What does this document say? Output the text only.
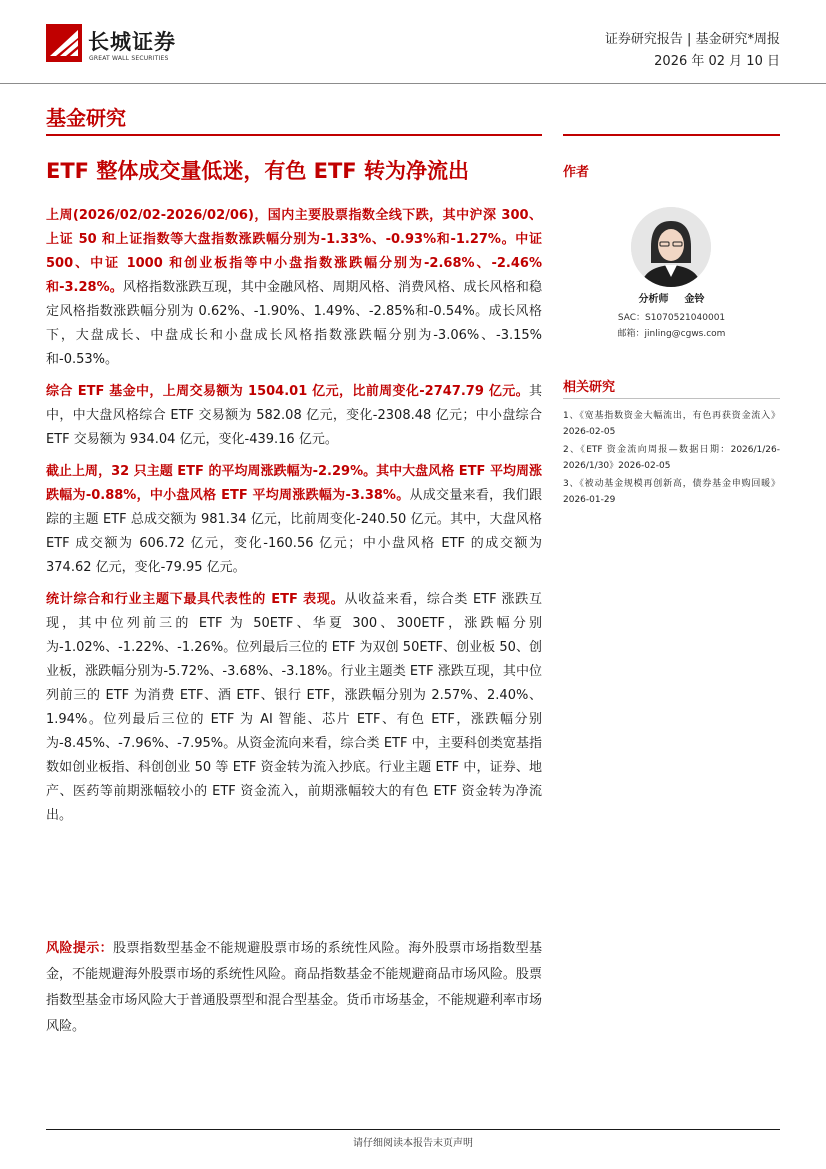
长城证券
GREAT WALL SECURITIES
证券研究报告 | 基金研究*周报
2026 年 02 月 10 日
基金研究
ETF 整体成交量低迷，有色 ETF 转为净流出

上周(2026/02/02-2026/02/06)，国内主要股票指数全线下跌，其中沪深 300、上证 50 和上证指数等大盘指数涨跌幅分别为-1.33%、-0.93%和-1.27%。中证 500、中证 1000 和创业板指等中小盘指数涨跌幅分别为-2.68%、-2.46%和-3.28%。风格指数涨跌互现，其中金融风格、周期风格、消费风格、成长风格和稳定风格指数涨跌幅分别为 0.62%、-1.90%、1.49%、-2.85%和-0.54%。成长风格下，大盘成长、中盘成长和小盘成长风格指数涨跌幅分别为-3.06%、-3.15%和-0.53%。

综合 ETF 基金中，上周交易额为 1504.01 亿元，比前周变化-2747.79 亿元。其中，中大盘风格综合 ETF 交易额为 582.08 亿元，变化-2308.48 亿元；中小盘综合 ETF 交易额为 934.04 亿元，变化-439.16 亿元。

截止上周，32 只主题 ETF 的平均周涨跌幅为-2.29%。其中大盘风格 ETF 平均周涨跌幅为-0.88%，中小盘风格 ETF 平均周涨跌幅为-3.38%。从成交量来看，我们跟踪的主题 ETF 总成交额为 981.34 亿元，比前周变化-240.50 亿元。其中，大盘风格 ETF 成交额为 606.72 亿元，变化-160.56 亿元；中小盘风格 ETF 的成交额为 374.62 亿元，变化-79.95 亿元。

统计综合和行业主题下最具代表性的 ETF 表现。从收益来看，综合类 ETF 涨跌互现，其中位列前三的 ETF 为 50ETF、华夏 300、300ETF，涨跌幅分别为-1.02%、-1.22%、-1.26%。位列最后三位的 ETF 为双创 50ETF、创业板 50、创业板，涨跌幅分别为-5.72%、-3.68%、-3.18%。行业主题类 ETF 涨跌互现，其中位列前三的 ETF 为消费 ETF、酒 ETF、银行 ETF，涨跌幅分别为 2.57%、2.40%、1.94%。位列最后三位的 ETF 为 AI 智能、芯片 ETF、有色 ETF，涨跌幅分别为-8.45%、-7.96%、-7.95%。从资金流向来看，综合类 ETF 中，主要科创类宽基指数如创业板指、科创创业 50 等 ETF 资金转为流入抄底。行业主题 ETF 中，证券、地产、医药等前期涨幅较小的 ETF 资金流入，前期涨幅较大的有色 ETF 资金转为净流出。

风险提示：股票指数型基金不能规避股票市场的系统性风险。海外股票市场指数型基金，不能规避海外股票市场的系统性风险。商品指数基金不能规避商品市场风险。股票指数型基金市场风险大于普通股票型和混合型基金。货币市场基金，不能规避利率市场风险。
作者
分析师 金铃
SAC：S1070521040001
邮箱：jinling@cgws.com
相关研究
1、《宽基指数资金大幅流出，有色再获资金流入》2026-02-05
2、《ETF 资金流向周报—数据日期：2026/1/26-2026/1/30》2026-02-05
3、《被动基金规模再创新高，债券基金申购回暖》2026-01-29
请仔细阅读本报告末页声明
